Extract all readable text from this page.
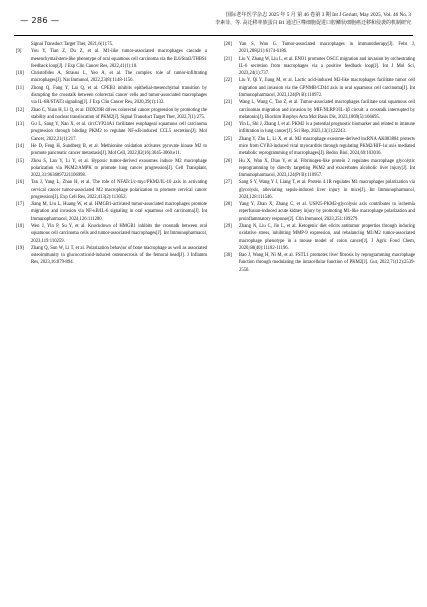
— 286 —	国际老年医学杂志 2025 年 5 月 第 46 卷第 3 期 Int J Geriatr, May 2025, Vol. 46 No. 3
李素菲，等. 高迁移率族蛋白 B1 通过巨噬细胞促进口腔鳞状细胞癌迁移和侵袭的机制研究
Signal Transduct Target Ther, 2021,6(1):75.
[9]	You Y, Tian Z, Du Z, et al. M1-like tumor-associated macrophages cascade a mesenchymal/stem-like phenotype of oral squamous cell carcinoma via the IL6/Stat3/THBS1 feedback loop[J]. J Exp Clin Cancer Res, 2022,41(1):10.
[10]	Christofides A, Strauss L, Yeo A, et al. The complex role of tumor-infiltrating macrophages[J]. Nat Immunol, 2022,23(8):1148-1156.
[11]	Zhong Q, Fang Y, Lai Q, et al. CPEB3 inhibits epithelial-mesenchymal transition by disrupting the crosstalk between colorectal cancer cells and tumor-associated macrophages via IL-6R/STAT3 signaling[J]. J Exp Clin Cancer Res, 2020,39(1):132.
[12]	Zhao C, Yuan H, Li Q, et al. DDX39B drives colorectal cancer progression by promoting the stability and nuclear translocation of PKM2[J]. Signal Transduct Target Ther, 2022,7(1):275.
[13]	Gu L, Sang Y, Nan X, et al. circCYP24A1 facilitates esophageal squamous cell carcinoma progression through binding PKM2 to regulate NF-κB-induced CCL5 secretion[J]. Mol Cancer, 2022,21(1):217.
[14]	He D, Feng H, Sundberg B, et al. Methionine oxidation activates pyruvate kinase M2 to promote pancreatic cancer metastasis[J]. Mol Cell, 2022,82(16):3045-3060.e11.
[15]	Zhou S, Lan Y, Li Y, et al. Hypoxic tumor-derived exosomes induce M2 macrophage polarization via PKM2/AMPK to promote lung cancer progression[J]. Cell Transplant, 2022,31:9636897221106998.
[16]	Tan J, Yang L, Zhao H, et al. The role of NFATc1/c-myc/PKM2/IL-10 axis in activating cervical cancer tumor-associated M2 macrophage polarization to promote cervical cancer progression[J]. Exp Cell Res, 2022,413(2):113052.
[17]	Jiang M, Liu L, Huang W, et al. HMGB1-activated tumor-associated macrophages promote migration and invasion via NF-κB/IL-6 signaling in oral squamous cell carcinoma[J]. Int Immunopharmacol, 2024,126:111200.
[18]	Wen J, Yin P, Su Y, et al. Knockdown of HMGB1 inhibits the crosstalk between oral squamous cell carcinoma cells and tumor-associated macrophages[J]. Int Immunopharmacol, 2023,119:110259.
[19]	Zhang Q, Sun W, Li T, et al. Polarization behavior of bone macrophage as well as associated osteoimmunity in glucocorticoid-induced osteonecrosis of the femoral head[J]. J Inflamm Res, 2023,16:879-894.
[20]	Yan S, Wan G. Tumor-associated macrophages in immunotherapy[J]. Febs J, 2021,288(21):6174-6186.
[21]	Liu Y, Zhang W, Liu L, et al. ENO1 promotes OSCC migration and invasion by orchestrating IL-6 secretion from macrophages via a positive feedback loop[J]. Int J Mol Sci, 2023,24(1):737.
[22]	Liu Y, Qi Y, Jiang M, et al. Lactic acid-induced M2-like macrophages facilitate tumor cell migration and invasion via the GPNMB/CD44 axis in oral squamous cell carcinoma[J]. Int Immunopharmacol, 2023,124(Pt B):110972.
[23]	Wang L, Wang C, Tao Z, et al. Tumor-associated macrophages facilitate oral squamous cell carcinomas migration and invasion by MIF/NLRP3/IL-1β circuit: a crosstalk interrupted by melatonin[J]. Biochim Biophys Acta Mol Basis Dis, 2023,1869(5):166695.
[24]	Yin L, Shi J, Zhang J, et al. PKM2 is a potential prognostic biomarker and related to immune infiltration in lung cancer[J]. Sci Rep, 2023,13(1):22243.
[25]	Zhang Y, Zhu L, Li X, et al. M2 macrophage exosome-derived lncRNA AK083884 protects mice from CVB3-induced viral myocarditis through regulating PKM2/HIF-1α axis mediated metabolic reprogramming of macrophages[J]. Redox Biol, 2024,69:103016.
[26]	Hu X, Wan X, Diao Y, et al. Fibrinogen-like protein 2 regulates macrophage glycolytic reprogramming by directly targeting PKM2 and exacerbates alcoholic liver injury[J]. Int Immunopharmacol, 2023,124(Pt B):110957.
[27]	Sang S Y, Wang Y J, Liang T, et al. Protein 4.1R regulates M1 macrophages polarization via glycolysis, alleviating sepsis-induced liver injury in mice[J]. Int Immunopharmacol, 2024,128:111546.
[28]	Yang Y, Zhan X, Zhang C, et al. USP25-PKM2-glycolysis axis contributes to ischemia reperfusion-induced acute kidney injury by promoting M1-like macrophage polarization and proinflammatory response[J]. Clin Immunol, 2023,251:109279.
[29]	Zhang N, Liu C, Jin L, et al. Ketogenic diet elicits antitumor properties through inducing oxidative stress, inhibiting MMP-9 expression, and rebalancing M1/M2 tumor-associated macrophage phenotype in a mouse model of colon cancer[J]. J Agric Food Chem, 2020,68(40):11182-11196.
[30]	Bao J, Wang H, Ni M, et al. FSTL1 promotes liver fibrosis by reprogramming macrophage function through modulating the intracellular function of PKM2[J]. Gut, 2022,71(12):2539-2550.
